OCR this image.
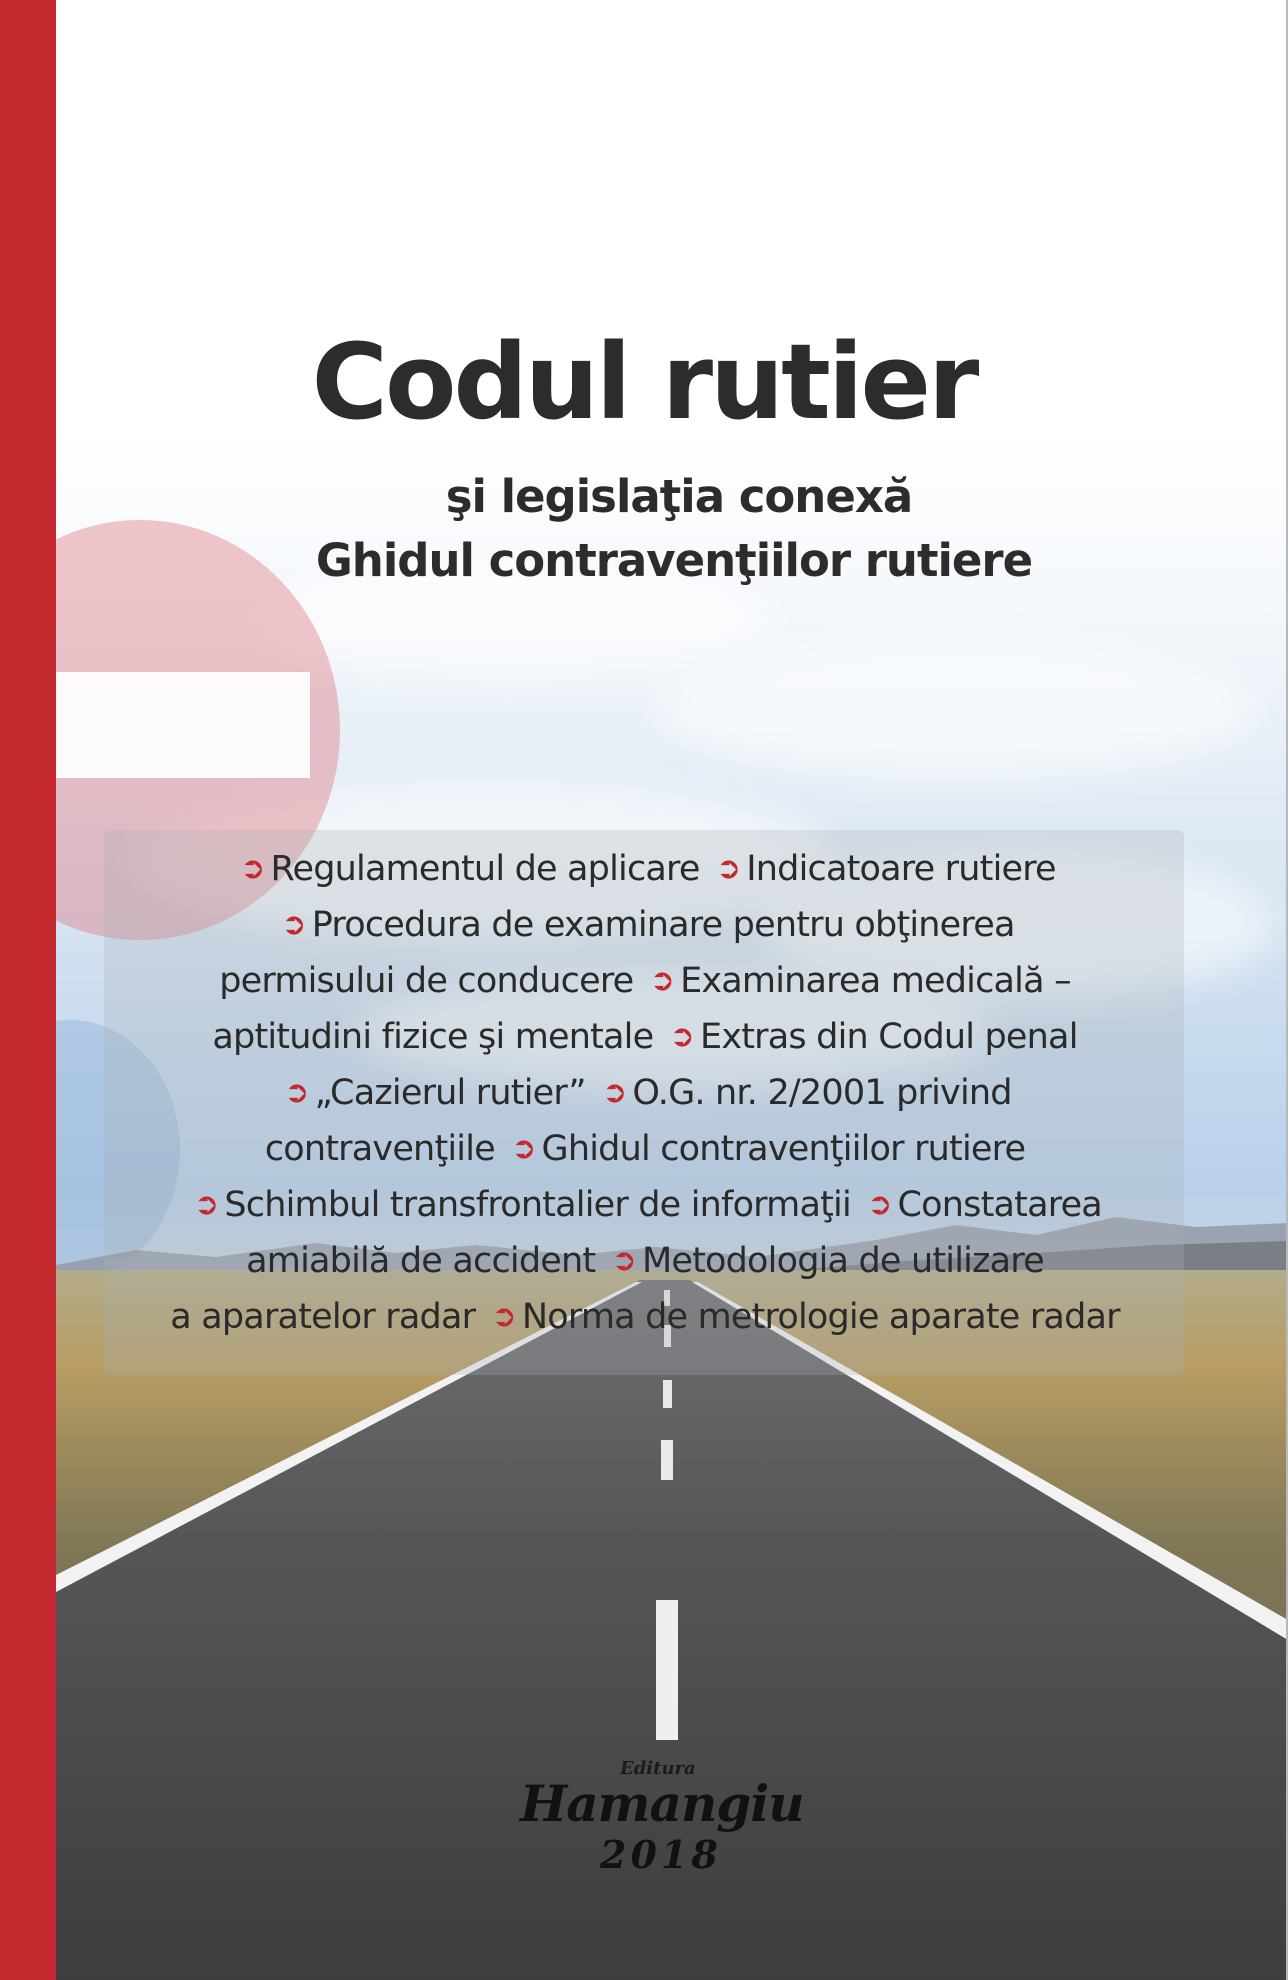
Codul rutier
şi legislaţia conexă
Ghidul contravenţiilor rutiere
➲ Regulamentul de aplicare ➲ Indicatoare rutiere
➲ Procedura de examinare pentru obţinerea
permisului de conducere ➲ Examinarea medicală –
aptitudini fizice şi mentale ➲ Extras din Codul penal
➲ „Cazierul rutier” ➲ O.G. nr. 2/2001 privind
contravenţiile ➲ Ghidul contravenţiilor rutiere
➲ Schimbul transfrontalier de informaţii ➲ Constatarea
amiabilă de accident ➲ Metodologia de utilizare
a aparatelor radar ➲ Norma de metrologie aparate radar
Editura
Hamangiu
2018
